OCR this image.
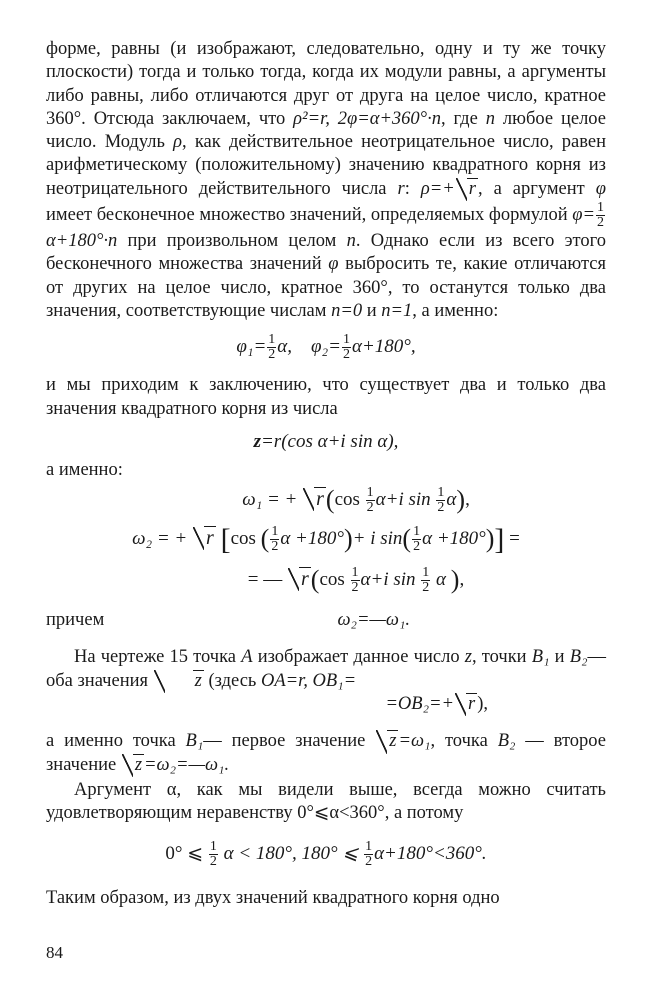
форме, равны (и изображают, следовательно, одну и ту же точку плоскости) тогда и только тогда, когда их модули равны, а аргументы либо равны, либо отличаются друг от друга на целое число, кратное 360°. Отсюда заключаем, что ρ²=r, 2φ=α+360°·n, где n любое целое число. Модуль ρ, как действительное неотрицательное число, равен арифметическому (положительному) значению квадратного корня из неотрицательного действительного числа r: ρ=+ r , а аргумент φ имеет бесконечное множество значений, определяемых формулой $\varphi= \frac{1}{2}$
α+180°·n при произвольном целом n. Однако если из всего этого бесконечного множества значений φ выбросить те, какие отличаются от других на целое число, кратное 360°, то останутся только два значения, соответствующие числам n=0 и n=1, а именно:

$\varphi_1= \frac{1}{2} \alpha$, $\varphi_2= \frac{1}{2} \alpha+180^\circ$,

и мы приходим к заключению, что существует два и только два значения квадратного корня из числа

z=r(cos α+i sin α),

а именно:

ω₁ = + $r(\cos \frac{1}{2} \alpha+i$ $\sin \frac{1}{2} \alpha$),

ω₂ = + r [cos ( $\frac{1}{2}$ α +180°)+ i $\sin( \frac{1}{2}$ α +180°)] =

= — $r(\cos \frac{1}{2} \alpha+i$ $\sin \frac{1}{2}$ α ),

причем	ω₂=—ω₁.

На чертеже 15 точка A изображает данное число z, точки B₁ и B₂— оба значения z (здесь OA=r, OB₁=

=OB₂=+ r ),

а именно точка B₁— первое значение z =ω₁, точка B₂ — второе значение z =ω₂=—ω₁.

Аргумент α, как мы видели выше, всегда можно считать удовлетворяющим неравенству 0°⩽α<360°, а потому

0° ⩽ $\frac{1}{2}$ α < 180°, 180° ⩽ $\frac{1}{2} \alpha+180^\circ<360^\circ$.

Таким образом, из двух значений квадратного корня одно

84
